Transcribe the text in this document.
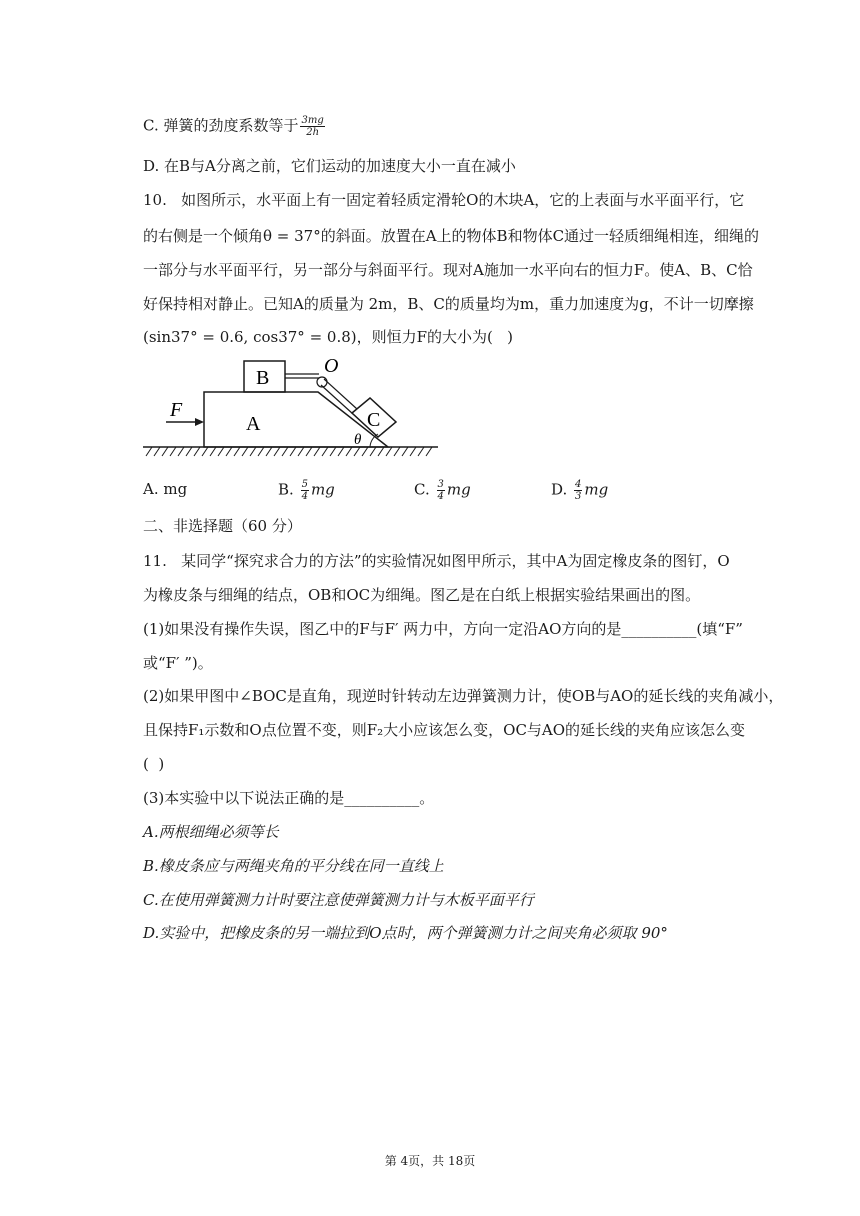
C. 弹簧的劲度系数等于 $\frac{3mg}{2h}$
D. 在B与A分离之前，它们运动的加速度大小一直在减小
10.   如图所示，水平面上有一固定着轻质定滑轮O的木块A，它的上表面与水平面平行，它
的右侧是一个倾角θ = 37°的斜面。放置在A上的物体B和物体C通过一轻质细绳相连，细绳的
一部分与水平面平行，另一部分与斜面平行。现对A施加一水平向右的恒力F。使A、B、C恰
好保持相对静止。已知A的质量为 2m，B、C的质量均为m，重力加速度为g，不计一切摩擦
(sin37° = 0.6, cos37° = 0.8)，则恒力F的大小为(   )
A
B
O
C
θ
F
A. mg	B. $\frac{5}{4}$ mg	C. $\frac{3}{4}$ mg	D. $\frac{4}{3}$ mg
二、非选择题（60 分）
11.   某同学“探究求合力的方法”的实验情况如图甲所示，其中A为固定橡皮条的图钉，O
为橡皮条与细绳的结点，OB和OC为细绳。图乙是在白纸上根据实验结果画出的图。
(1)如果没有操作失误，图乙中的F与F′ 两力中，方向一定沿AO方向的是__________(填“F”
或“F′ ”)。
(2)如果甲图中∠BOC是直角，现逆时针转动左边弹簧测力计，使OB与AO的延长线的夹角减小，
且保持F₁示数和O点位置不变，则F₂大小应该怎么变，OC与AO的延长线的夹角应该怎么变
(  )
(3)本实验中以下说法正确的是__________。
A.两根细绳必须等长
B.橡皮条应与两绳夹角的平分线在同一直线上
C.在使用弹簧测力计时要注意使弹簧测力计与木板平面平行
D.实验中，把橡皮条的另一端拉到O点时，两个弹簧测力计之间夹角必须取 90°
第 4页，共 18页
